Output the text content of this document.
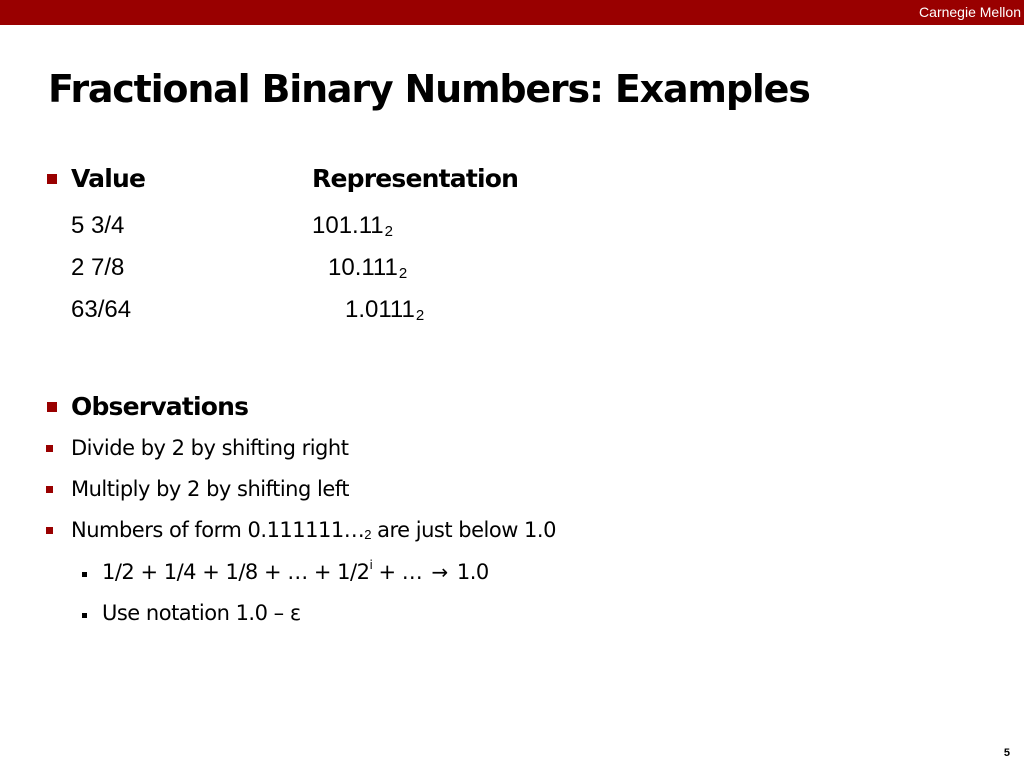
Carnegie Mellon
Fractional Binary Numbers: Examples
Value	Representation
5 3/4	$101.11_2$
2 7/8	$10.111_2$
63/64	$1.0111_2$
Observations
Divide by 2 by shifting right
Multiply by 2 by shifting left
Numbers of form 0.111111…2 are just below 1.0
1/2 + 1/4 + 1/8 + … + $1/2^i$ + … → 1.0
Use notation 1.0 – ε
5
